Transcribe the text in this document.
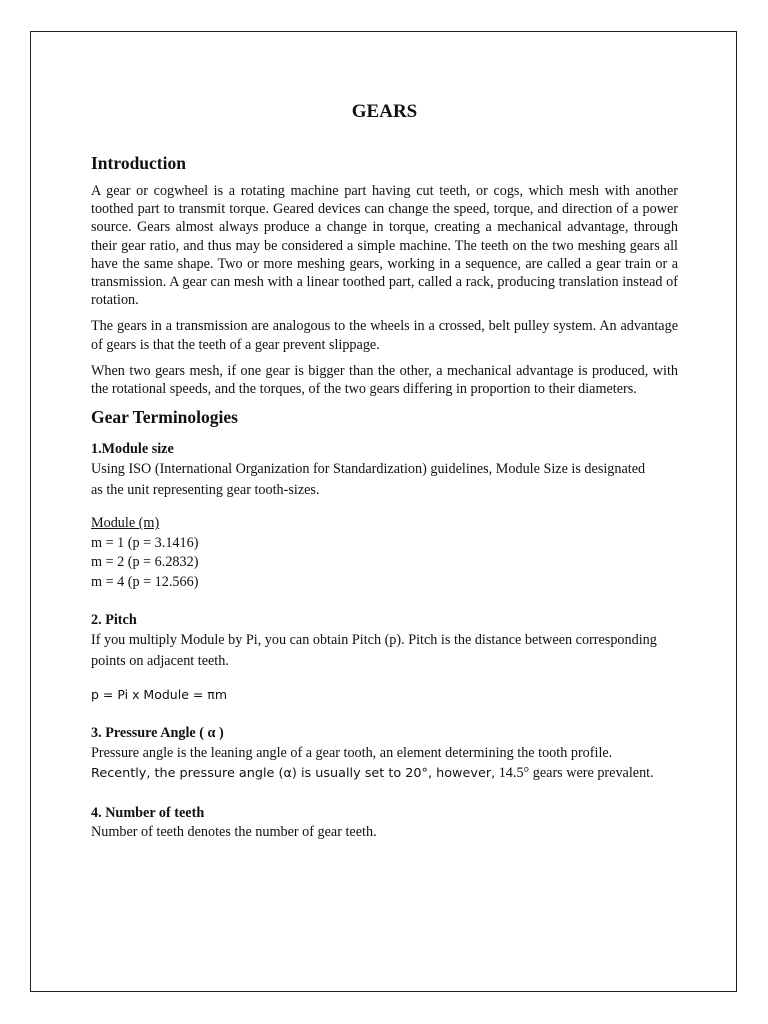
GEARS
Introduction

A gear or cogwheel is a rotating machine part having cut teeth, or cogs, which mesh with another toothed part to transmit torque. Geared devices can change the speed, torque, and direction of a power source. Gears almost always produce a change in torque, creating a mechanical advantage, through their gear ratio, and thus may be considered a simple machine. The teeth on the two meshing gears all have the same shape. Two or more meshing gears, working in a sequence, are called a gear train or a transmission. A gear can mesh with a linear toothed part, called a rack, producing translation instead of rotation.

The gears in a transmission are analogous to the wheels in a crossed, belt pulley system. An advantage of gears is that the teeth of a gear prevent slippage.

When two gears mesh, if one gear is bigger than the other, a mechanical advantage is produced, with the rotational speeds, and the torques, of the two gears differing in proportion to their diameters.

Gear Terminologies
1.Module size
Using ISO (International Organization for Standardization) guidelines, Module Size is designated
as the unit representing gear tooth-sizes.
Module (m)
m = 1 (p = 3.1416)
m = 2 (p = 6.2832)
m = 4 (p = 12.566)
2. Pitch
If you multiply Module by Pi, you can obtain Pitch (p). Pitch is the distance between corresponding
points on adjacent teeth.
p = Pi x Module = πm
3. Pressure Angle ( α )
Pressure angle is the leaning angle of a gear tooth, an element determining the tooth profile.
Recently, the pressure angle (α) is usually set to 20°, however, 14.5° gears were prevalent.
4. Number of teeth
Number of teeth denotes the number of gear teeth.
